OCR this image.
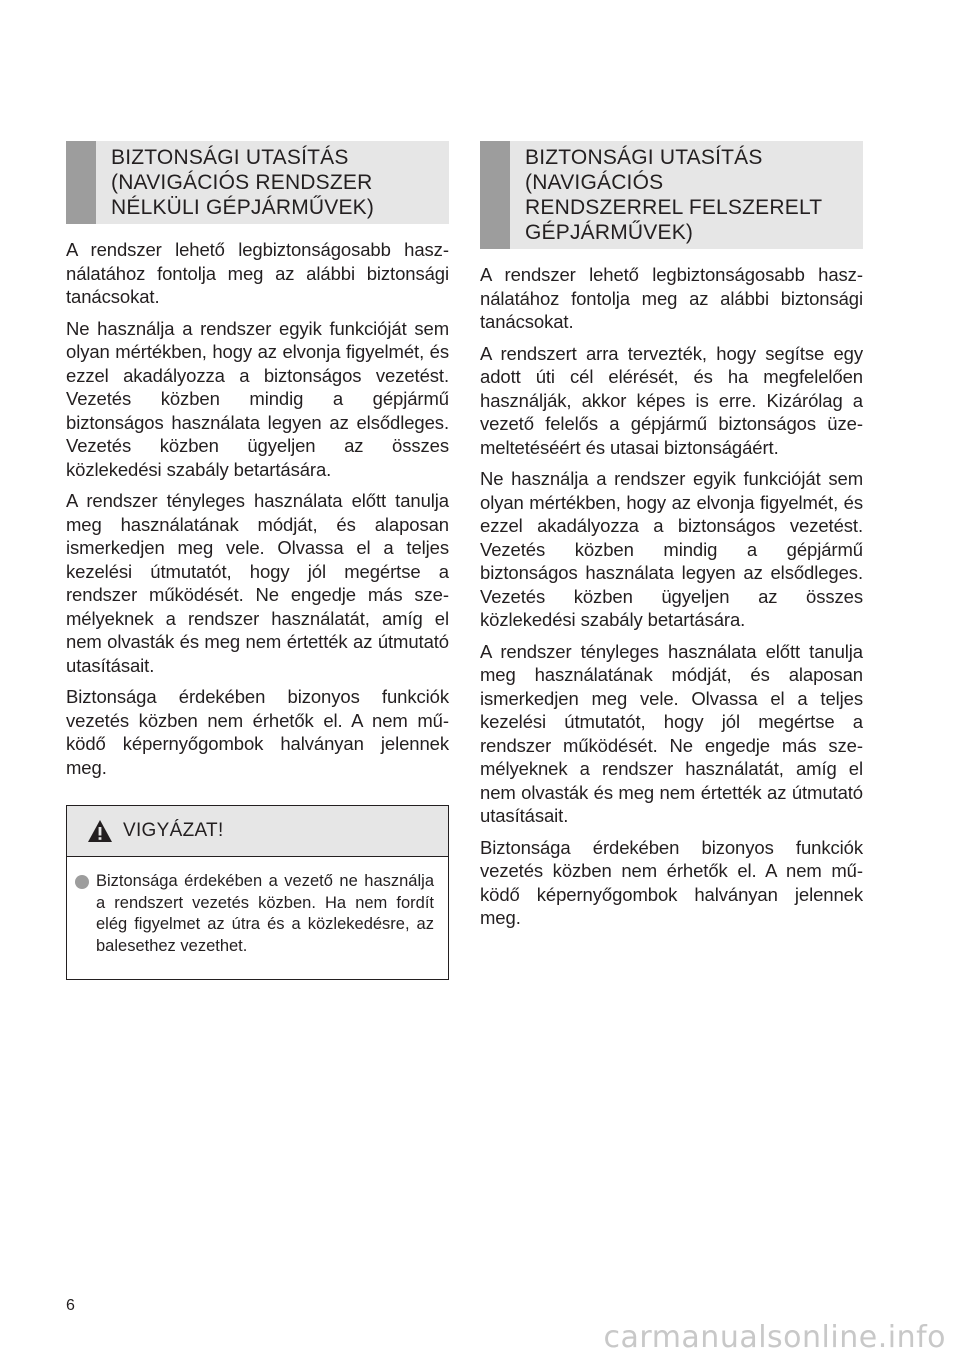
BIZTONSÁGI UTASÍTÁS
(NAVIGÁCIÓS RENDSZER
NÉLKÜLI GÉPJÁRMŰVEK)

A rendszer lehető legbiztonságosabb használatához fontolja meg az alábbi biztonsági tanácsokat.

Ne használja a rendszer egyik funkcióját sem olyan mértékben, hogy az elvonja figyelmét, és ezzel akadályozza a biztonságos vezetést. Vezetés közben mindig a gépjármű biztonságos használata legyen az elsődleges. Vezetés közben ügyeljen az összes közlekedési szabály betartására.

A rendszer tényleges használata előtt tanulja meg használatának módját, és alaposan ismerkedjen meg vele. Olvassa el a teljes kezelési útmutatót, hogy jól megértse a rendszer működését. Ne engedje más személyeknek a rendszer használatát, amíg el nem olvasták és meg nem értették az útmutató utasításait.

Biztonsága érdekében bizonyos funkciók vezetés közben nem érhetők el. A nem működő képernyőgombok halványan jelennek meg.

VIGYÁZAT!

Biztonsága érdekében a vezető ne használja a rendszert vezetés közben. Ha nem fordít elég figyelmet az útra és a közlekedésre, az balesethez vezethet.

BIZTONSÁGI UTASÍTÁS
(NAVIGÁCIÓS
RENDSZERREL FELSZERELT
GÉPJÁRMŰVEK)

A rendszer lehető legbiztonságosabb használatához fontolja meg az alábbi biztonsági tanácsokat.

A rendszert arra tervezték, hogy segítse egy adott úti cél elérését, és ha megfelelően használják, akkor képes is erre. Kizárólag a vezető felelős a gépjármű biztonságos üzemeltetéséért és utasai biztonságáért.

Ne használja a rendszer egyik funkcióját sem olyan mértékben, hogy az elvonja figyelmét, és ezzel akadályozza a biztonságos vezetést. Vezetés közben mindig a gépjármű biztonságos használata legyen az elsődleges. Vezetés közben ügyeljen az összes közlekedési szabály betartására.

A rendszer tényleges használata előtt tanulja meg használatának módját, és alaposan ismerkedjen meg vele. Olvassa el a teljes kezelési útmutatót, hogy jól megértse a rendszer működését. Ne engedje más személyeknek a rendszer használatát, amíg el nem olvasták és meg nem értették az útmutató utasításait.

Biztonsága érdekében bizonyos funkciók vezetés közben nem érhetők el. A nem működő képernyőgombok halványan jelennek meg.

6
carmanualsonline.info
